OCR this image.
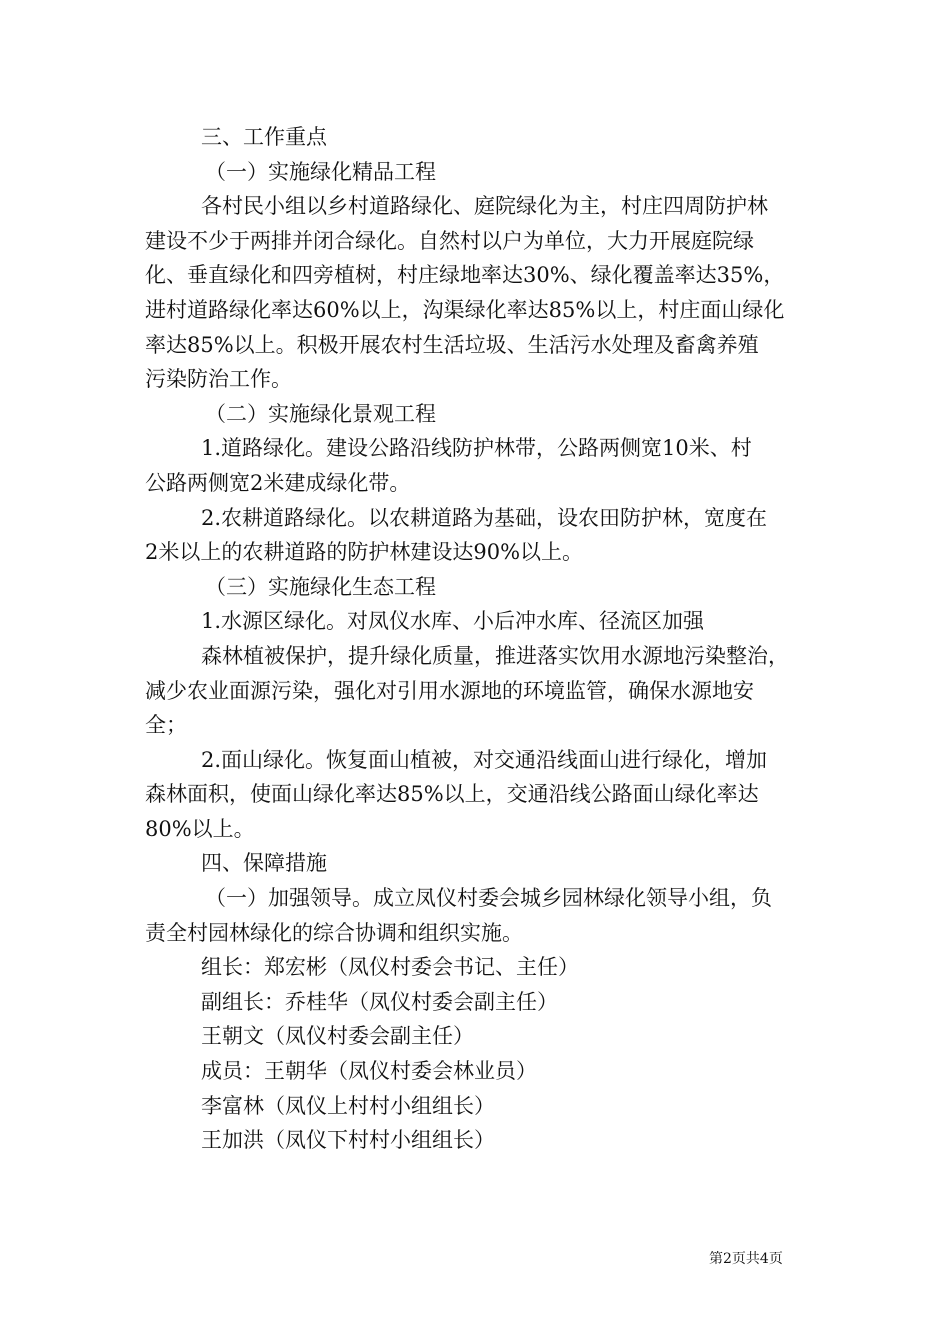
三、工作重点
（一）实施绿化精品工程
各村民小组以乡村道路绿化、庭院绿化为主，村庄四周防护林
建设不少于两排并闭合绿化。自然村以户为单位，大力开展庭院绿
化、垂直绿化和四旁植树，村庄绿地率达30%、绿化覆盖率达35%，
进村道路绿化率达60%以上，沟渠绿化率达85%以上，村庄面山绿化
率达85%以上。积极开展农村生活垃圾、生活污水处理及畜禽养殖
污染防治工作。
（二）实施绿化景观工程
1.道路绿化。建设公路沿线防护林带，公路两侧宽10米、村
公路两侧宽2米建成绿化带。
2.农耕道路绿化。以农耕道路为基础，设农田防护林，宽度在
2米以上的农耕道路的防护林建设达90%以上。
（三）实施绿化生态工程
1.水源区绿化。对凤仪水库、小后冲水库、径流区加强
森林植被保护，提升绿化质量，推进落实饮用水源地污染整治，
减少农业面源污染，强化对引用水源地的环境监管，确保水源地安
全；
2.面山绿化。恢复面山植被，对交通沿线面山进行绿化，增加
森林面积，使面山绿化率达85%以上，交通沿线公路面山绿化率达
80%以上。
四、保障措施
（一）加强领导。成立凤仪村委会城乡园林绿化领导小组，负
责全村园林绿化的综合协调和组织实施。
组长：郑宏彬（凤仪村委会书记、主任）
副组长：乔桂华（凤仪村委会副主任）
王朝文（凤仪村委会副主任）
成员：王朝华（凤仪村委会林业员）
李富林（凤仪上村村小组组长）
王加洪（凤仪下村村小组组长）
第2页共4页
